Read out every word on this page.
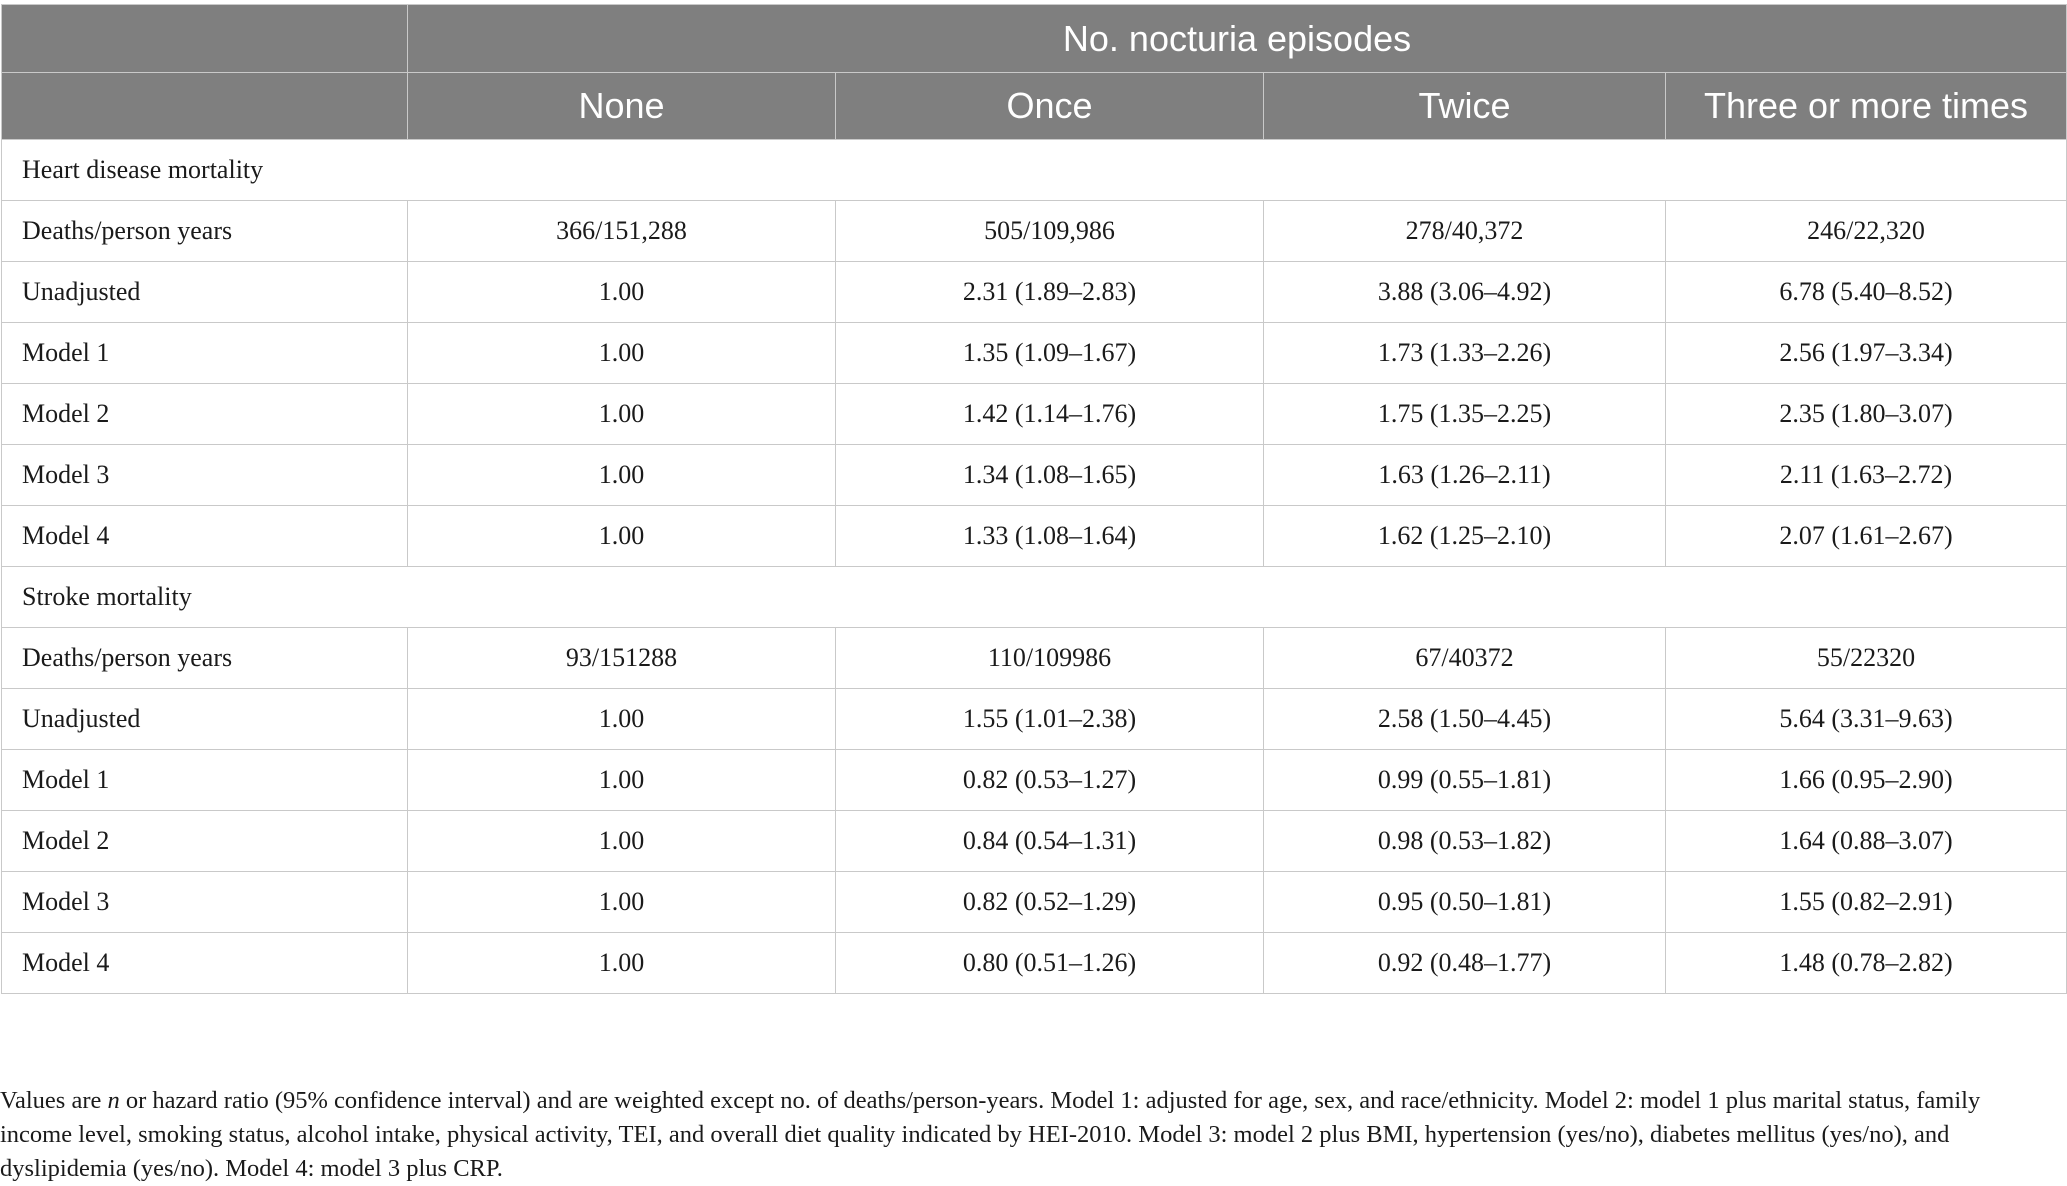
	No. nocturia episodes			
	None	Once	Twice	Three or more times
Heart disease mortality				
Deaths/person years	366/151,288	505/109,986	278/40,372	246/22,320
Unadjusted	1.00	2.31 (1.89–2.83)	3.88 (3.06–4.92)	6.78 (5.40–8.52)
Model 1	1.00	1.35 (1.09–1.67)	1.73 (1.33–2.26)	2.56 (1.97–3.34)
Model 2	1.00	1.42 (1.14–1.76)	1.75 (1.35–2.25)	2.35 (1.80–3.07)
Model 3	1.00	1.34 (1.08–1.65)	1.63 (1.26–2.11)	2.11 (1.63–2.72)
Model 4	1.00	1.33 (1.08–1.64)	1.62 (1.25–2.10)	2.07 (1.61–2.67)
Stroke mortality				
Deaths/person years	93/151288	110/109986	67/40372	55/22320
Unadjusted	1.00	1.55 (1.01–2.38)	2.58 (1.50–4.45)	5.64 (3.31–9.63)
Model 1	1.00	0.82 (0.53–1.27)	0.99 (0.55–1.81)	1.66 (0.95–2.90)
Model 2	1.00	0.84 (0.54–1.31)	0.98 (0.53–1.82)	1.64 (0.88–3.07)
Model 3	1.00	0.82 (0.52–1.29)	0.95 (0.50–1.81)	1.55 (0.82–2.91)
Model 4	1.00	0.80 (0.51–1.26)	0.92 (0.48–1.77)	1.48 (0.78–2.82)

Values are n or hazard ratio (95% confidence interval) and are weighted except no. of deaths/person-years. Model 1: adjusted for age, sex, and race/ethnicity. Model 2: model 1 plus marital status, family income level, smoking status, alcohol intake, physical activity, TEI, and overall diet quality indicated by HEI-2010. Model 3: model 2 plus BMI, hypertension (yes/no), diabetes mellitus (yes/no), and dyslipidemia (yes/no). Model 4: model 3 plus CRP.
